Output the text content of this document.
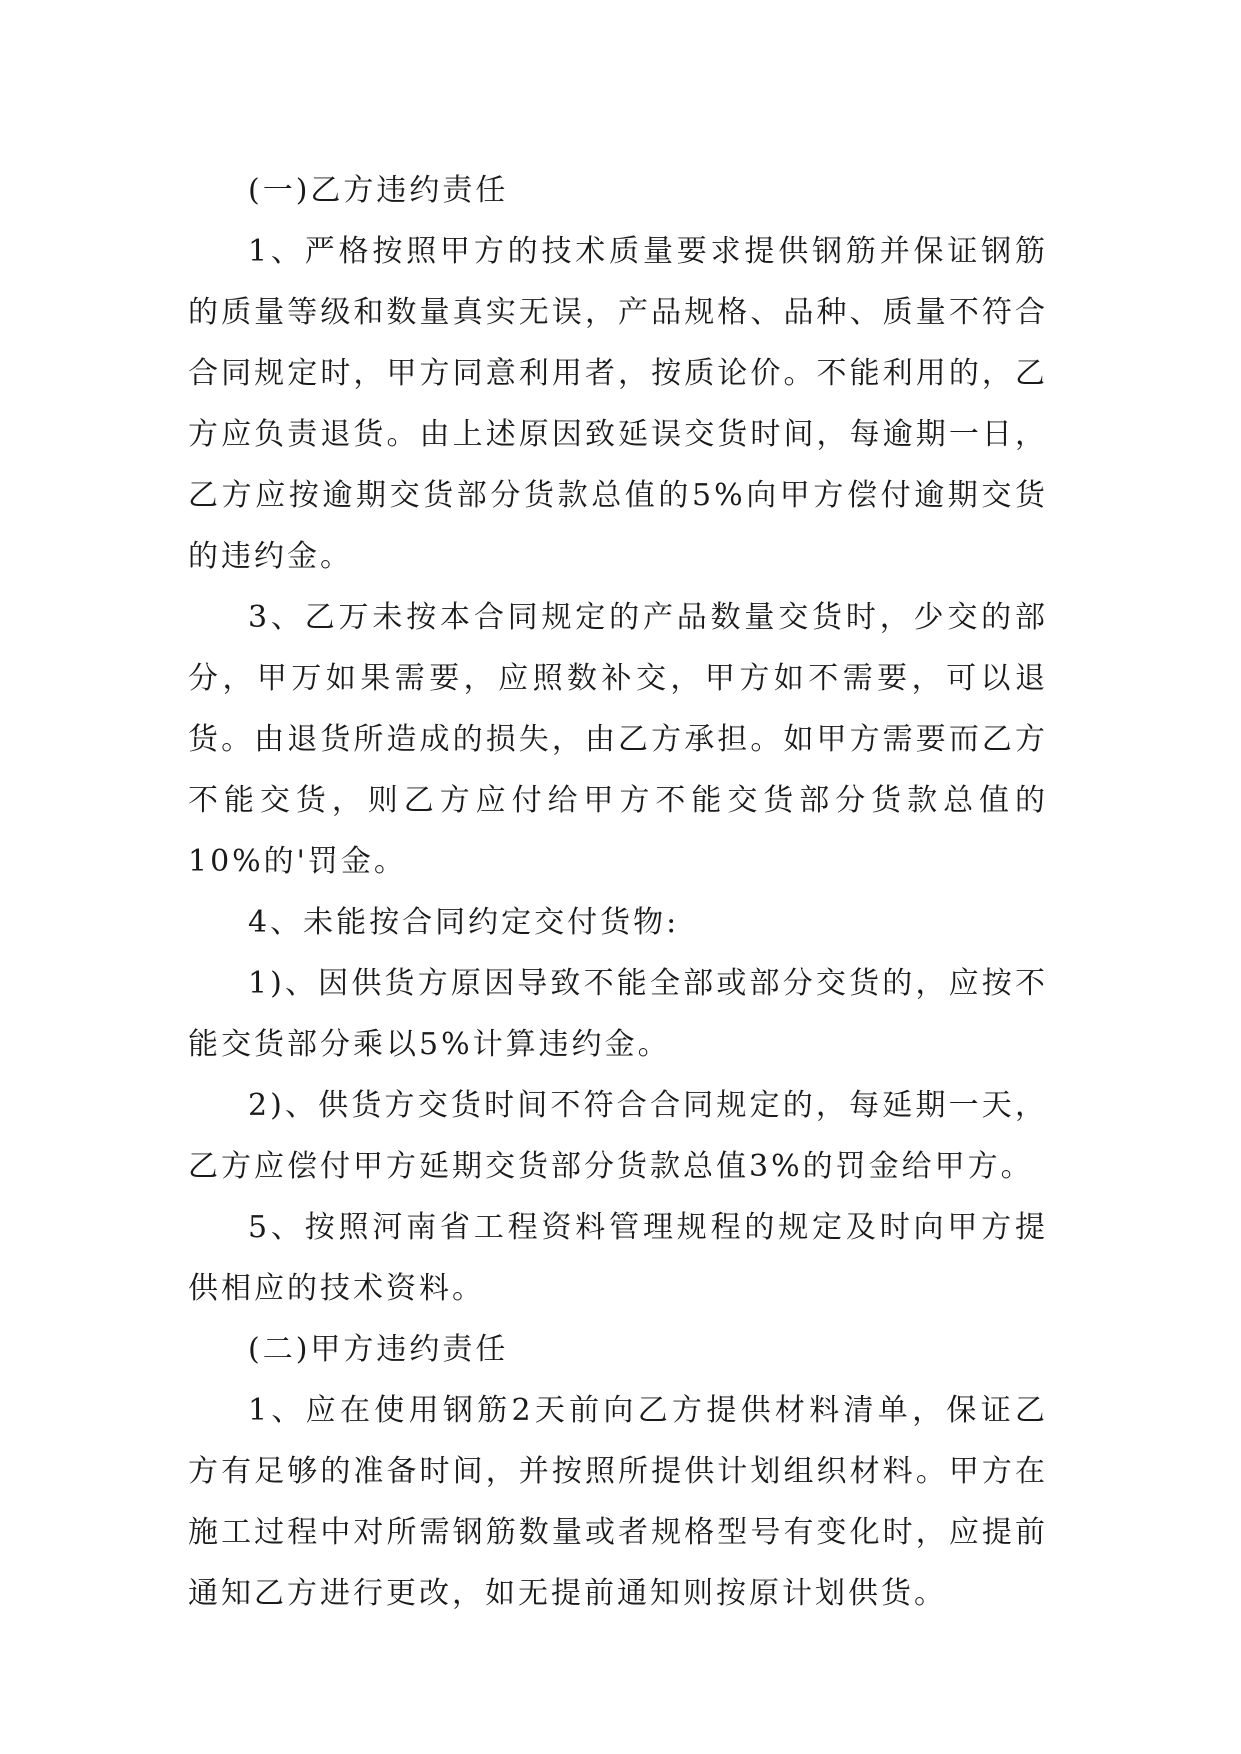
(一)乙方违约责任

1、严格按照甲方的技术质量要求提供钢筋并保证钢筋的质量等级和数量真实无误，产品规格、品种、质量不符合合同规定时，甲方同意利用者，按质论价。不能利用的，乙方应负责退货。由上述原因致延误交货时间，每逾期一日，乙方应按逾期交货部分货款总值的5%向甲方偿付逾期交货的违约金。

3、乙万未按本合同规定的产品数量交货时，少交的部分，甲万如果需要，应照数补交，甲方如不需要，可以退货。由退货所造成的损失，由乙方承担。如甲方需要而乙方不能交货，则乙方应付给甲方不能交货部分货款总值的10%的'罚金。

4、未能按合同约定交付货物:

1)、因供货方原因导致不能全部或部分交货的，应按不能交货部分乘以5%计算违约金。

2)、供货方交货时间不符合合同规定的，每延期一天，乙方应偿付甲方延期交货部分货款总值3%的罚金给甲方。

5、按照河南省工程资料管理规程的规定及时向甲方提供相应的技术资料。

(二)甲方违约责任

1、应在使用钢筋2天前向乙方提供材料清单，保证乙方有足够的准备时间，并按照所提供计划组织材料。甲方在施工过程中对所需钢筋数量或者规格型号有变化时，应提前通知乙方进行更改，如无提前通知则按原计划供货。
